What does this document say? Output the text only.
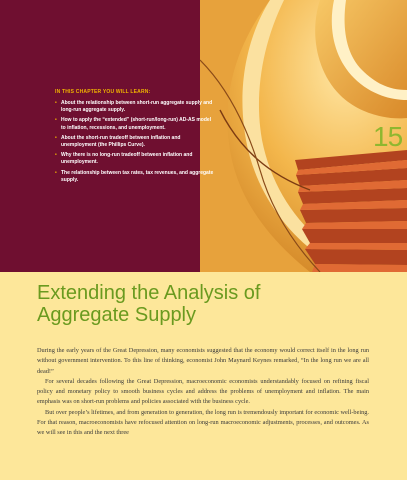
IN THIS CHAPTER YOU WILL LEARN:
• About the relationship between short-run aggregate supply and long-run aggregate supply.
• How to apply the “extended” (short-run/long-run) AD-AS model to inflation, recessions, and unemployment.
• About the short-run tradeoff between inflation and unemployment (the Phillips Curve).
• Why there is no long-run tradeoff between inflation and unemployment.
• The relationship between tax rates, tax revenues, and aggregate supply.
15
Extending the Analysis of
Aggregate Supply

During the early years of the Great Depression, many economists suggested that the economy would correct itself in the long run without government intervention. To this line of thinking, economist John Maynard Keynes remarked, “In the long run we are all dead!”

For several decades following the Great Depression, macroeconomic economists understandably focused on refining fiscal policy and monetary policy to smooth business cycles and address the problems of unemployment and inflation. The main emphasis was on short-run problems and policies associated with the business cycle.

But over people’s lifetimes, and from generation to generation, the long run is tremendously important for economic well-being. For that reason, macroeconomists have refocused attention on long-run macroeconomic adjustments, processes, and outcomes. As we will see in this and the next three
